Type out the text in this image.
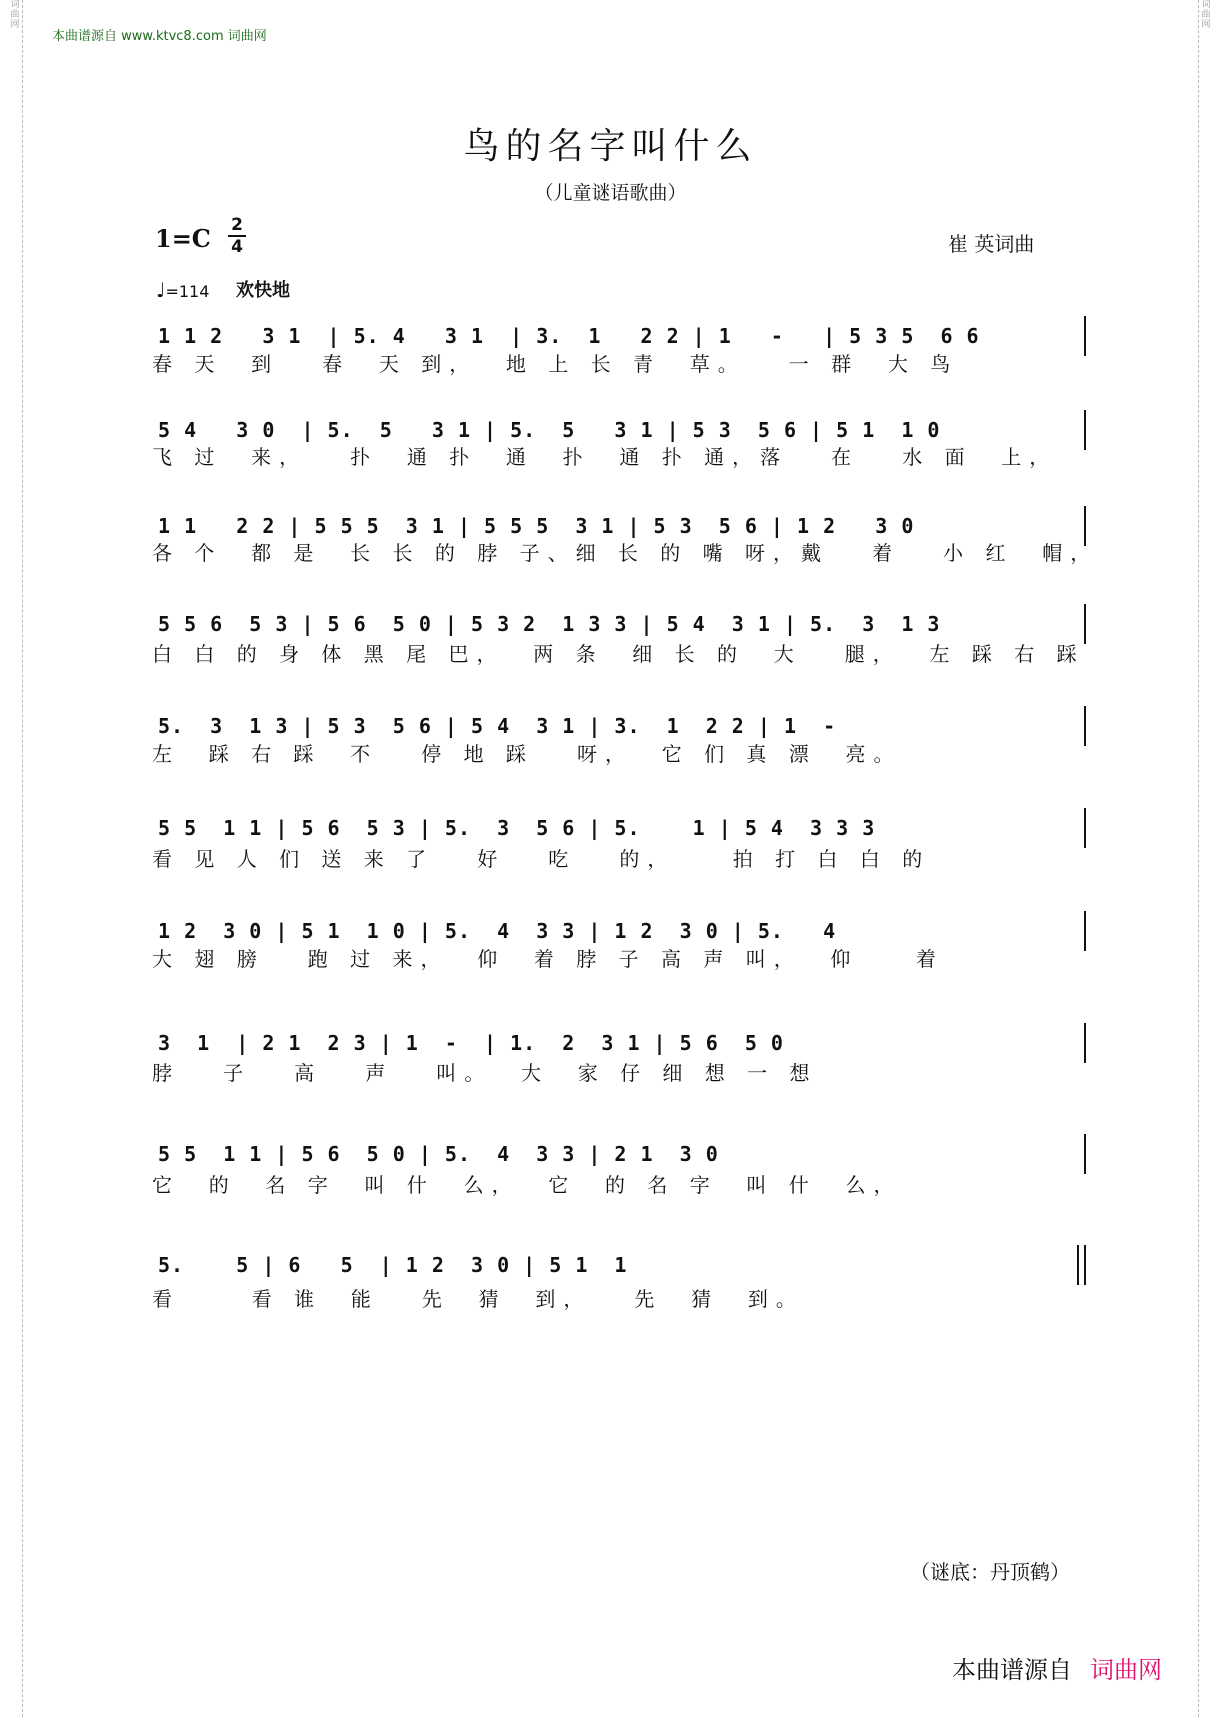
词曲网
词曲网
本曲谱源自 www.ktvc8.com 词曲网
鸟的名字叫什么
（儿童谜语歌曲）
1=C 2
4	崔 英词曲
♩=114 欢快地
1 1 2   3 1  | 5. 4   3 1  | 3.  1   2 2 | 1   -   | 5 3 5  6 6
春 天  到   春  天 到，  地 上 长 青  草。   一 群  大 鸟
5 4   3 0  | 5.  5   3 1 | 5.  5   3 1 | 5 3  5 6 | 5 1  1 0
飞 过  来，   扑  通 扑  通  扑  通 扑 通，落   在   水 面  上，
1 1   2 2 | 5 5 5  3 1 | 5 5 5  3 1 | 5 3  5 6 | 1 2   3 0
各 个  都 是  长 长 的 脖 子、细 长 的 嘴 呀，戴   着   小 红  帽，
5 5 6  5 3 | 5 6  5 0 | 5 3 2  1 3 3 | 5 4  3 1 | 5.  3  1 3
白 白 的 身 体 黑 尾 巴，  两 条  细 长 的  大   腿，  左 踩 右 踩
5.  3  1 3 | 5 3  5 6 | 5 4  3 1 | 3.  1  2 2 | 1  -
左  踩 右 踩  不   停 地 踩   呀，  它 们 真 漂  亮。
5 5  1 1 | 5 6  5 3 | 5.  3  5 6 | 5.    1 | 5 4  3 3 3
看 见 人 们 送 来 了   好   吃   的，    拍 打 白 白 的
1 2  3 0 | 5 1  1 0 | 5.  4  3 3 | 1 2  3 0 | 5.   4
大 翅 膀   跑 过 来，  仰  着 脖 子 高 声 叫，  仰    着
3  1  | 2 1  2 3 | 1  -  | 1.  2  3 1 | 5 6  5 0
脖   子   高   声   叫。  大  家 仔 细 想 一 想
5 5  1 1 | 5 6  5 0 | 5.  4  3 3 | 2 1  3 0
它  的  名 字  叫 什  么，  它  的 名 字  叫 什  么，
5.    5 | 6   5  | 1 2  3 0 | 5 1  1
看     看 谁  能   先  猜  到，   先  猜  到。
（谜底：丹顶鹤）
本曲谱源自 词曲网
